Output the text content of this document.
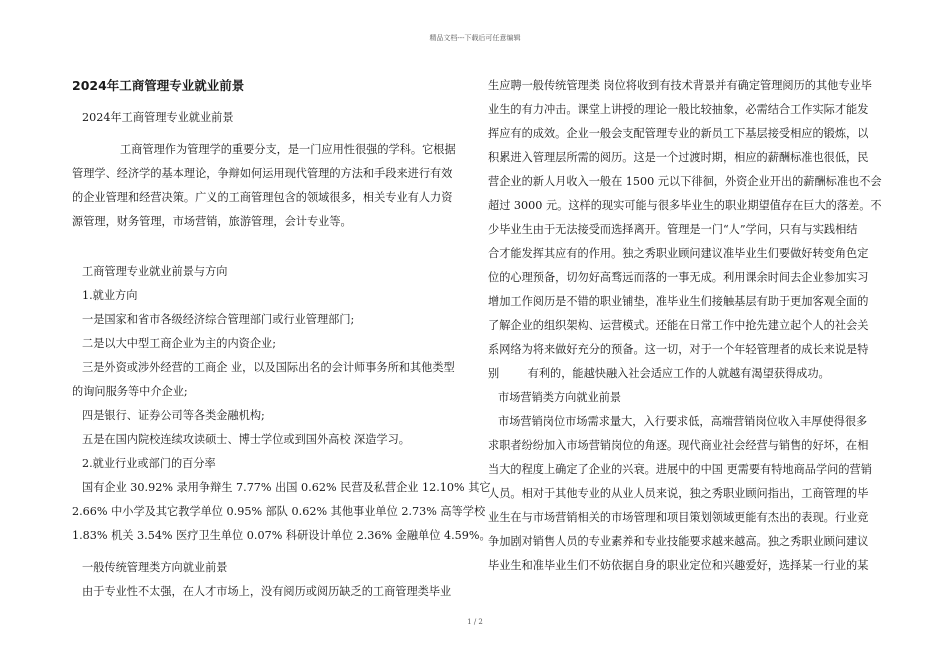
精品文档---下载后可任意编辑

2024年工商管理专业就业前景

2024年工商管理专业就业前景

工商管理作为管理学的重要分支，是一门应用性很强的学科。它根据

管理学、经济学的基本理论，争辩如何运用现代管理的方法和手段来进行有效

的企业管理和经营决策。广义的工商管理包含的领域很多，相关专业有人力资

源管理，财务管理，市场营销，旅游管理，会计专业等。

工商管理专业就业前景与方向

1.就业方向

一是国家和省市各级经济综合管理部门或行业管理部门;

二是以大中型工商企业为主的内资企业;

三是外资或涉外经营的工商企 业，以及国际出名的会计师事务所和其他类型

的询问服务等中介企业;

四是银行、证券公司等各类金融机构;

五是在国内院校连续攻读硕士、博士学位或到国外高校 深造学习。

2.就业行业或部门的百分率

国有企业 30.92% 录用争辩生 7.77% 出国 0.62% 民营及私营企业 12.10% 其它

2.66% 中小学及其它教学单位 0.95% 部队 0.62% 其他事业单位 2.73% 高等学校

1.83% 机关 3.54% 医疗卫生单位 0.07% 科研设计单位 2.36% 金融单位 4.59%。

一般传统管理类方向就业前景

由于专业性不太强，在人才市场上，没有阅历或阅历缺乏的工商管理类毕业

生应聘一般传统管理类 岗位将收到有技术背景并有确定管理阅历的其他专业毕

业生的有力冲击。课堂上讲授的理论一般比较抽象，必需结合工作实际才能发

挥应有的成效。企业一般会支配管理专业的新员工下基层接受相应的锻炼，以

积累进入管理层所需的阅历。这是一个过渡时期，相应的薪酬标准也很低，民

营企业的新人月收入一般在 1500 元以下徘徊，外资企业开出的薪酬标准也不会

超过 3000 元。这样的现实可能与很多毕业生的职业期望值存在巨大的落差。不

少毕业生由于无法接受而选择离开。管理是一门“人”学问，只有与实践相结

合才能发挥其应有的作用。独之秀职业顾问建议准毕业生们要做好转变角色定

位的心理预备，切勿好高骛远而落的一事无成。利用课余时间去企业参加实习

增加工作阅历是不错的职业铺垫，准毕业生们接触基层有助于更加客观全面的

了解企业的组织架构、运营模式。还能在日常工作中抢先建立起个人的社会关

系网络为将来做好充分的预备。这一切，对于一个年轻管理者的成长来说是特

别        有利的，能越快融入社会适应工作的人就越有渴望获得成功。

市场营销类方向就业前景

市场营销岗位市场需求量大，入行要求低，高端营销岗位收入丰厚使得很多

求职者纷纷加入市场营销岗位的角逐。现代商业社会经营与销售的好坏，在相

当大的程度上确定了企业的兴衰。进展中的中国 更需要有特地商品学问的营销

人员。相对于其他专业的从业人员来说，独之秀职业顾问指出，工商管理的毕

业生在与市场营销相关的市场管理和项目策划领域更能有杰出的表现。行业竞

争加剧对销售人员的专业素养和专业技能要求越来越高。独之秀职业顾问建议

毕业生和准毕业生们不妨依据自身的职业定位和兴趣爱好，选择某一行业的某

1 / 2
